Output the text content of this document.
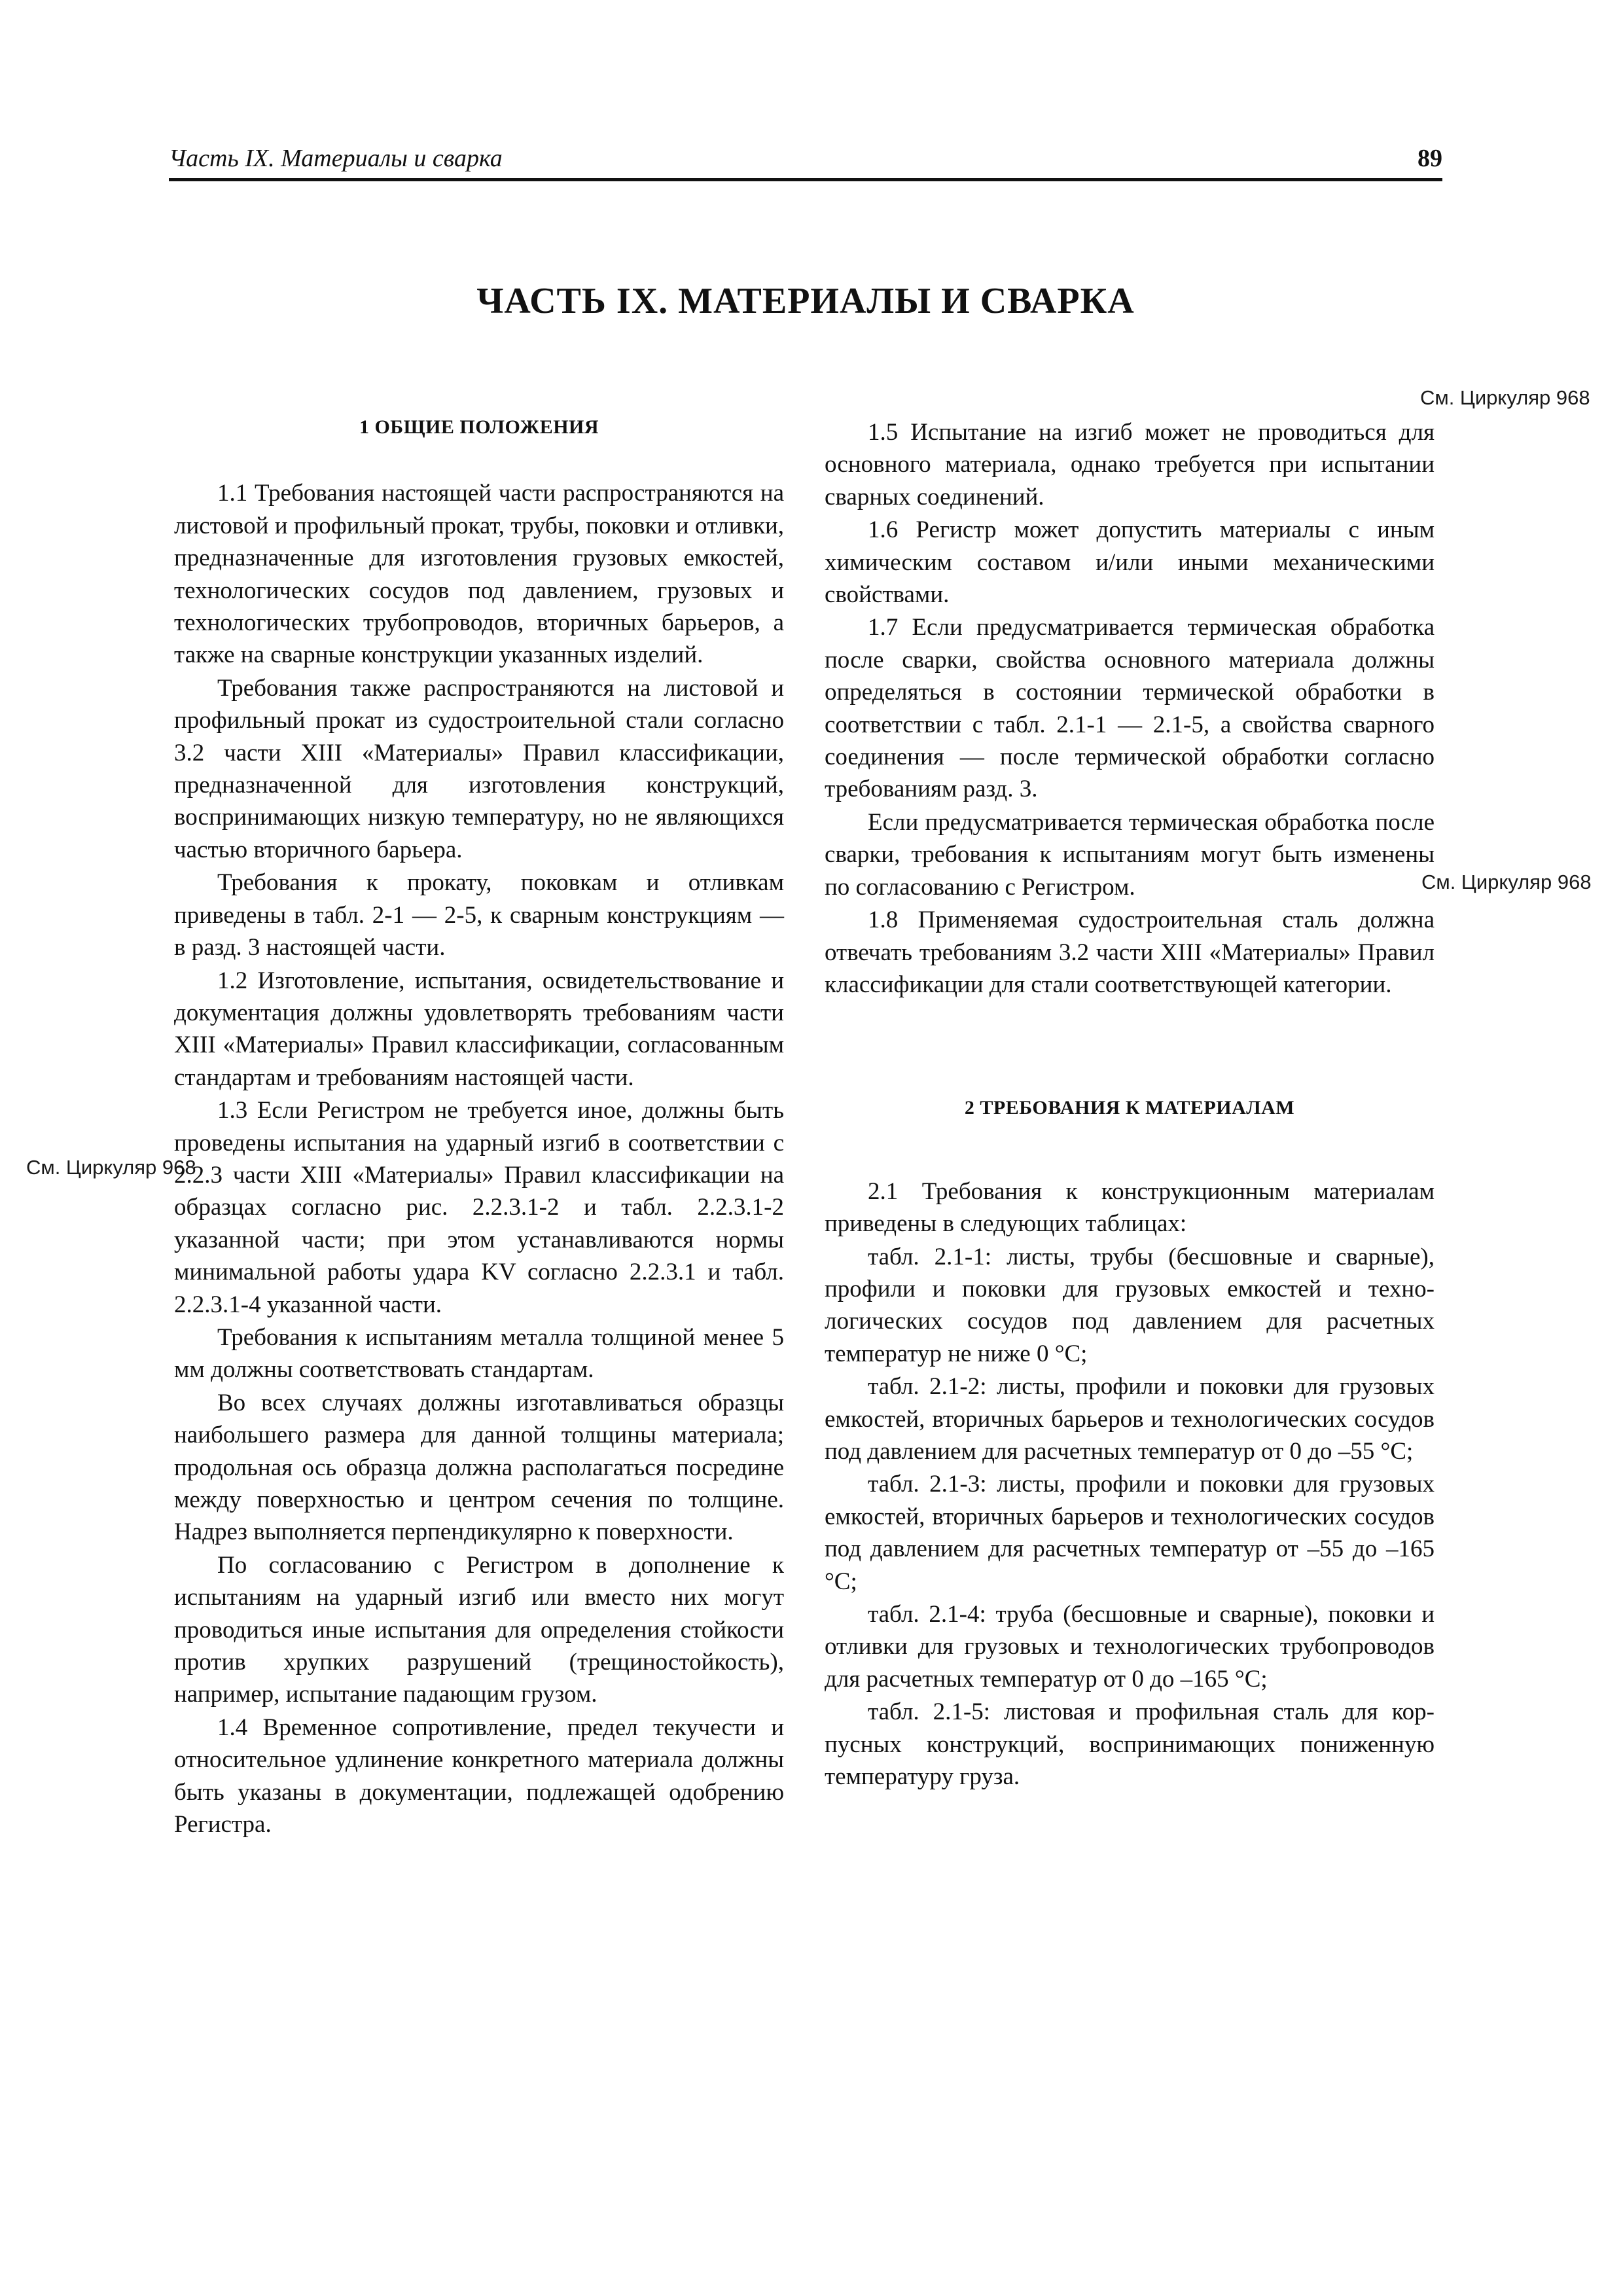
Часть IX. Материалы и сварка	89
ЧАСТЬ IX. МАТЕРИАЛЫ И СВАРКА
См. Циркуляр 968
См. Циркуляр 968
См. Циркуляр 968
1 ОБЩИЕ ПОЛОЖЕНИЯ

1.1 Требования настоящей части распространяются на листовой и профильный прокат, трубы, поковки и отливки, предназначенные для изготовления грузовых емкостей, технологических сосудов под давлением, грузовых и технологических трубопроводов, вторичных барьеров, а также на сварные конструкции указанных изделий.

Требования также распространяются на листовой и профильный прокат из судостроительной стали согласно 3.2 части XIII «Материалы» Правил классификации, предназначенной для изготовления конструкций, воспринимающих низкую температуру, но не являющихся частью вторичного барьера.

Требования к прокату, поковкам и отливкам приведены в табл. 2-1 — 2-5, к сварным конструкциям — в разд. 3 настоящей части.

1.2 Изготовление, испытания, освидетельствование и документация должны удовлетворять требованиям части XIII «Материалы» Правил классификации, согласованным стандартам и требованиям настоящей части.

1.3 Если Регистром не требуется иное, должны быть проведены испытания на ударный изгиб в соответствии с 2.2.3 части XIII «Материалы» Правил классификации на образцах согласно рис. 2.2.3.1-2 и табл. 2.2.3.1-2 указанной части; при этом устанавливаются нормы минимальной работы удара KV согласно 2.2.3.1 и табл. 2.2.3.1-4 указанной части.

Требования к испытаниям металла толщиной менее 5 мм должны соответствовать стандартам.

Во всех случаях должны изготавливаться образцы наибольшего размера для данной толщины материала; продольная ось образца должна располагаться посредине между поверхностью и центром сечения по толщине. Надрез выполняется перпендикулярно к поверхности.

По согласованию с Регистром в дополнение к испытаниям на ударный изгиб или вместо них могут проводиться иные испытания для определения стойкости против хрупких разрушений (трещиностойкость), например, испытание падающим грузом.

1.4 Временное сопротивление, предел текучести и относительное удлинение конкретного материала должны быть указаны в документации, подлежащей одобрению Регистра.

1.5 Испытание на изгиб может не проводиться для основного материала, однако требуется при испытании сварных соединений.

1.6 Регистр может допустить материалы с иным химическим составом и/или иными механическими свойствами.

1.7 Если предусматривается термическая обработка после сварки, свойства основного материала должны определяться в состоянии термической обработки в соответствии с табл. 2.1-1 — 2.1-5, а свойства сварного соединения — после термической обработки согласно требованиям разд. 3.

Если предусматривается термическая обработка после сварки, требования к испытаниям могут быть изменены по согласованию с Регистром.

1.8 Применяемая судостроительная сталь должна отвечать требованиям 3.2 части XIII «Материалы» Правил классификации для стали соответствующей категории.

2 ТРЕБОВАНИЯ К МАТЕРИАЛАМ

2.1 Требования к конструкционным материалам приведены в следующих таблицах:

табл. 2.1-1: листы, трубы (бесшовные и сварные), профили и поковки для грузовых емкостей и технологических сосудов под давлением для расчетных температур не ниже 0 °С;

табл. 2.1-2: листы, профили и поковки для грузовых емкостей, вторичных барьеров и технологических сосудов под давлением для расчетных температур от 0 до –55 °С;

табл. 2.1-3: листы, профили и поковки для грузовых емкостей, вторичных барьеров и технологических сосудов под давлением для расчетных температур от –55 до –165 °С;

табл. 2.1-4: труба (бесшовные и сварные), поковки и отливки для грузовых и технологических трубопроводов для расчетных температур от 0 до –165 °С;

табл. 2.1-5: листовая и профильная сталь для корпусных конструкций, воспринимающих пониженную температуру груза.
